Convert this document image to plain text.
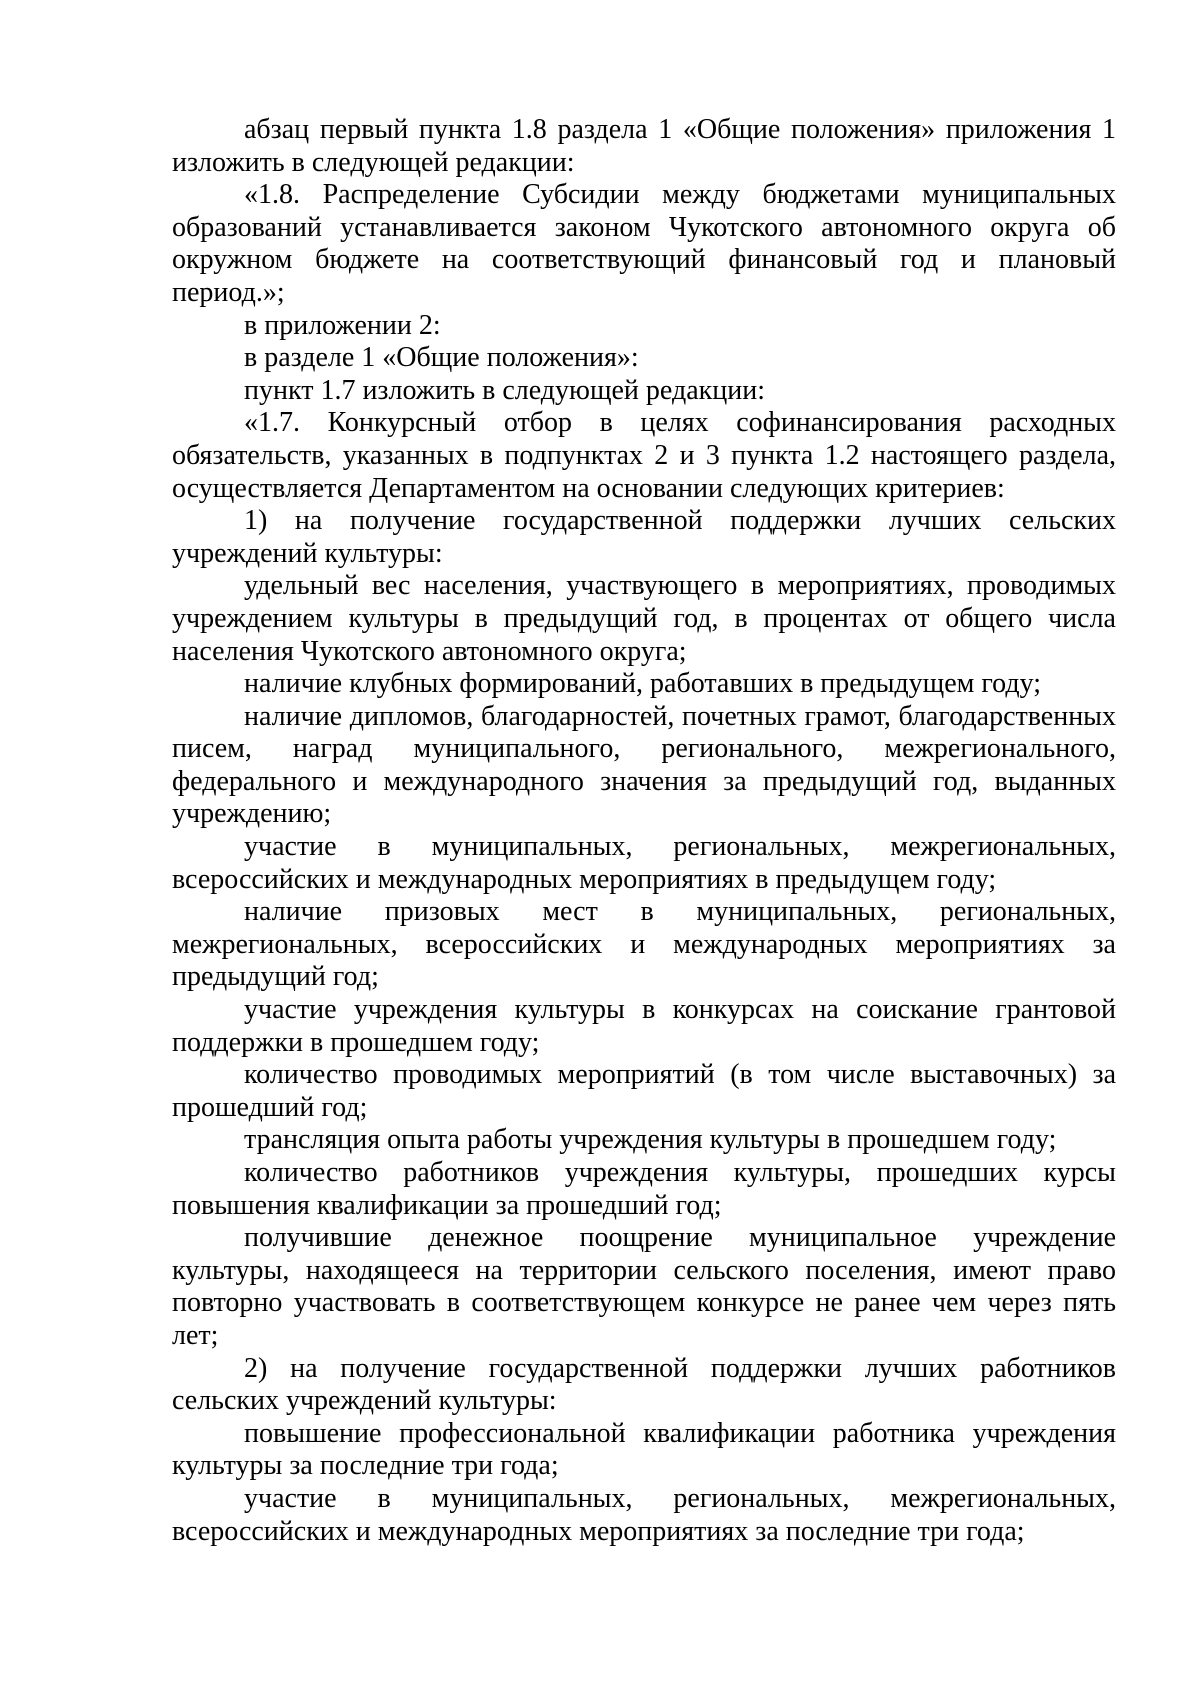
абзац первый пункта 1.8 раздела 1 «Общие положения» приложения 1 изложить в следующей редакции:

«1.8. Распределение Субсидии между бюджетами муниципальных образований устанавливается законом Чукотского автономного округа об окружном бюджете на соответствующий финансовый год и плановый период.»;

в приложении 2:

в разделе 1 «Общие положения»:

пункт 1.7 изложить в следующей редакции:

«1.7. Конкурсный отбор в целях софинансирования расходных обязательств, указанных в подпунктах 2 и 3 пункта 1.2 настоящего раздела, осуществляется Департаментом на основании следующих критериев:

1) на получение государственной поддержки лучших сельских учреждений культуры:

удельный вес населения, участвующего в мероприятиях, проводимых учреждением культуры в предыдущий год, в процентах от общего числа населения Чукотского автономного округа;

наличие клубных формирований, работавших в предыдущем году;

наличие дипломов, благодарностей, почетных грамот, благодарственных писем, наград муниципального, регионального, межрегионального, федерального и международного значения за предыдущий год, выданных учреждению;

участие в муниципальных, региональных, межрегиональных, всероссийских и международных мероприятиях в предыдущем году;

наличие призовых мест в муниципальных, региональных, межрегиональных, всероссийских и международных мероприятиях за предыдущий год;

участие учреждения культуры в конкурсах на соискание грантовой поддержки в прошедшем году;

количество проводимых мероприятий (в том числе выставочных) за прошедший год;

трансляция опыта работы учреждения культуры в прошедшем году;

количество работников учреждения культуры, прошедших курсы повышения квалификации за прошедший год;

получившие денежное поощрение муниципальное учреждение культуры, находящееся на территории сельского поселения, имеют право повторно участвовать в соответствующем конкурсе не ранее чем через пять лет;

2) на получение государственной поддержки лучших работников сельских учреждений культуры:

повышение профессиональной квалификации работника учреждения культуры за последние три года;

участие в муниципальных, региональных, межрегиональных, всероссийских и международных мероприятиях за последние три года;
